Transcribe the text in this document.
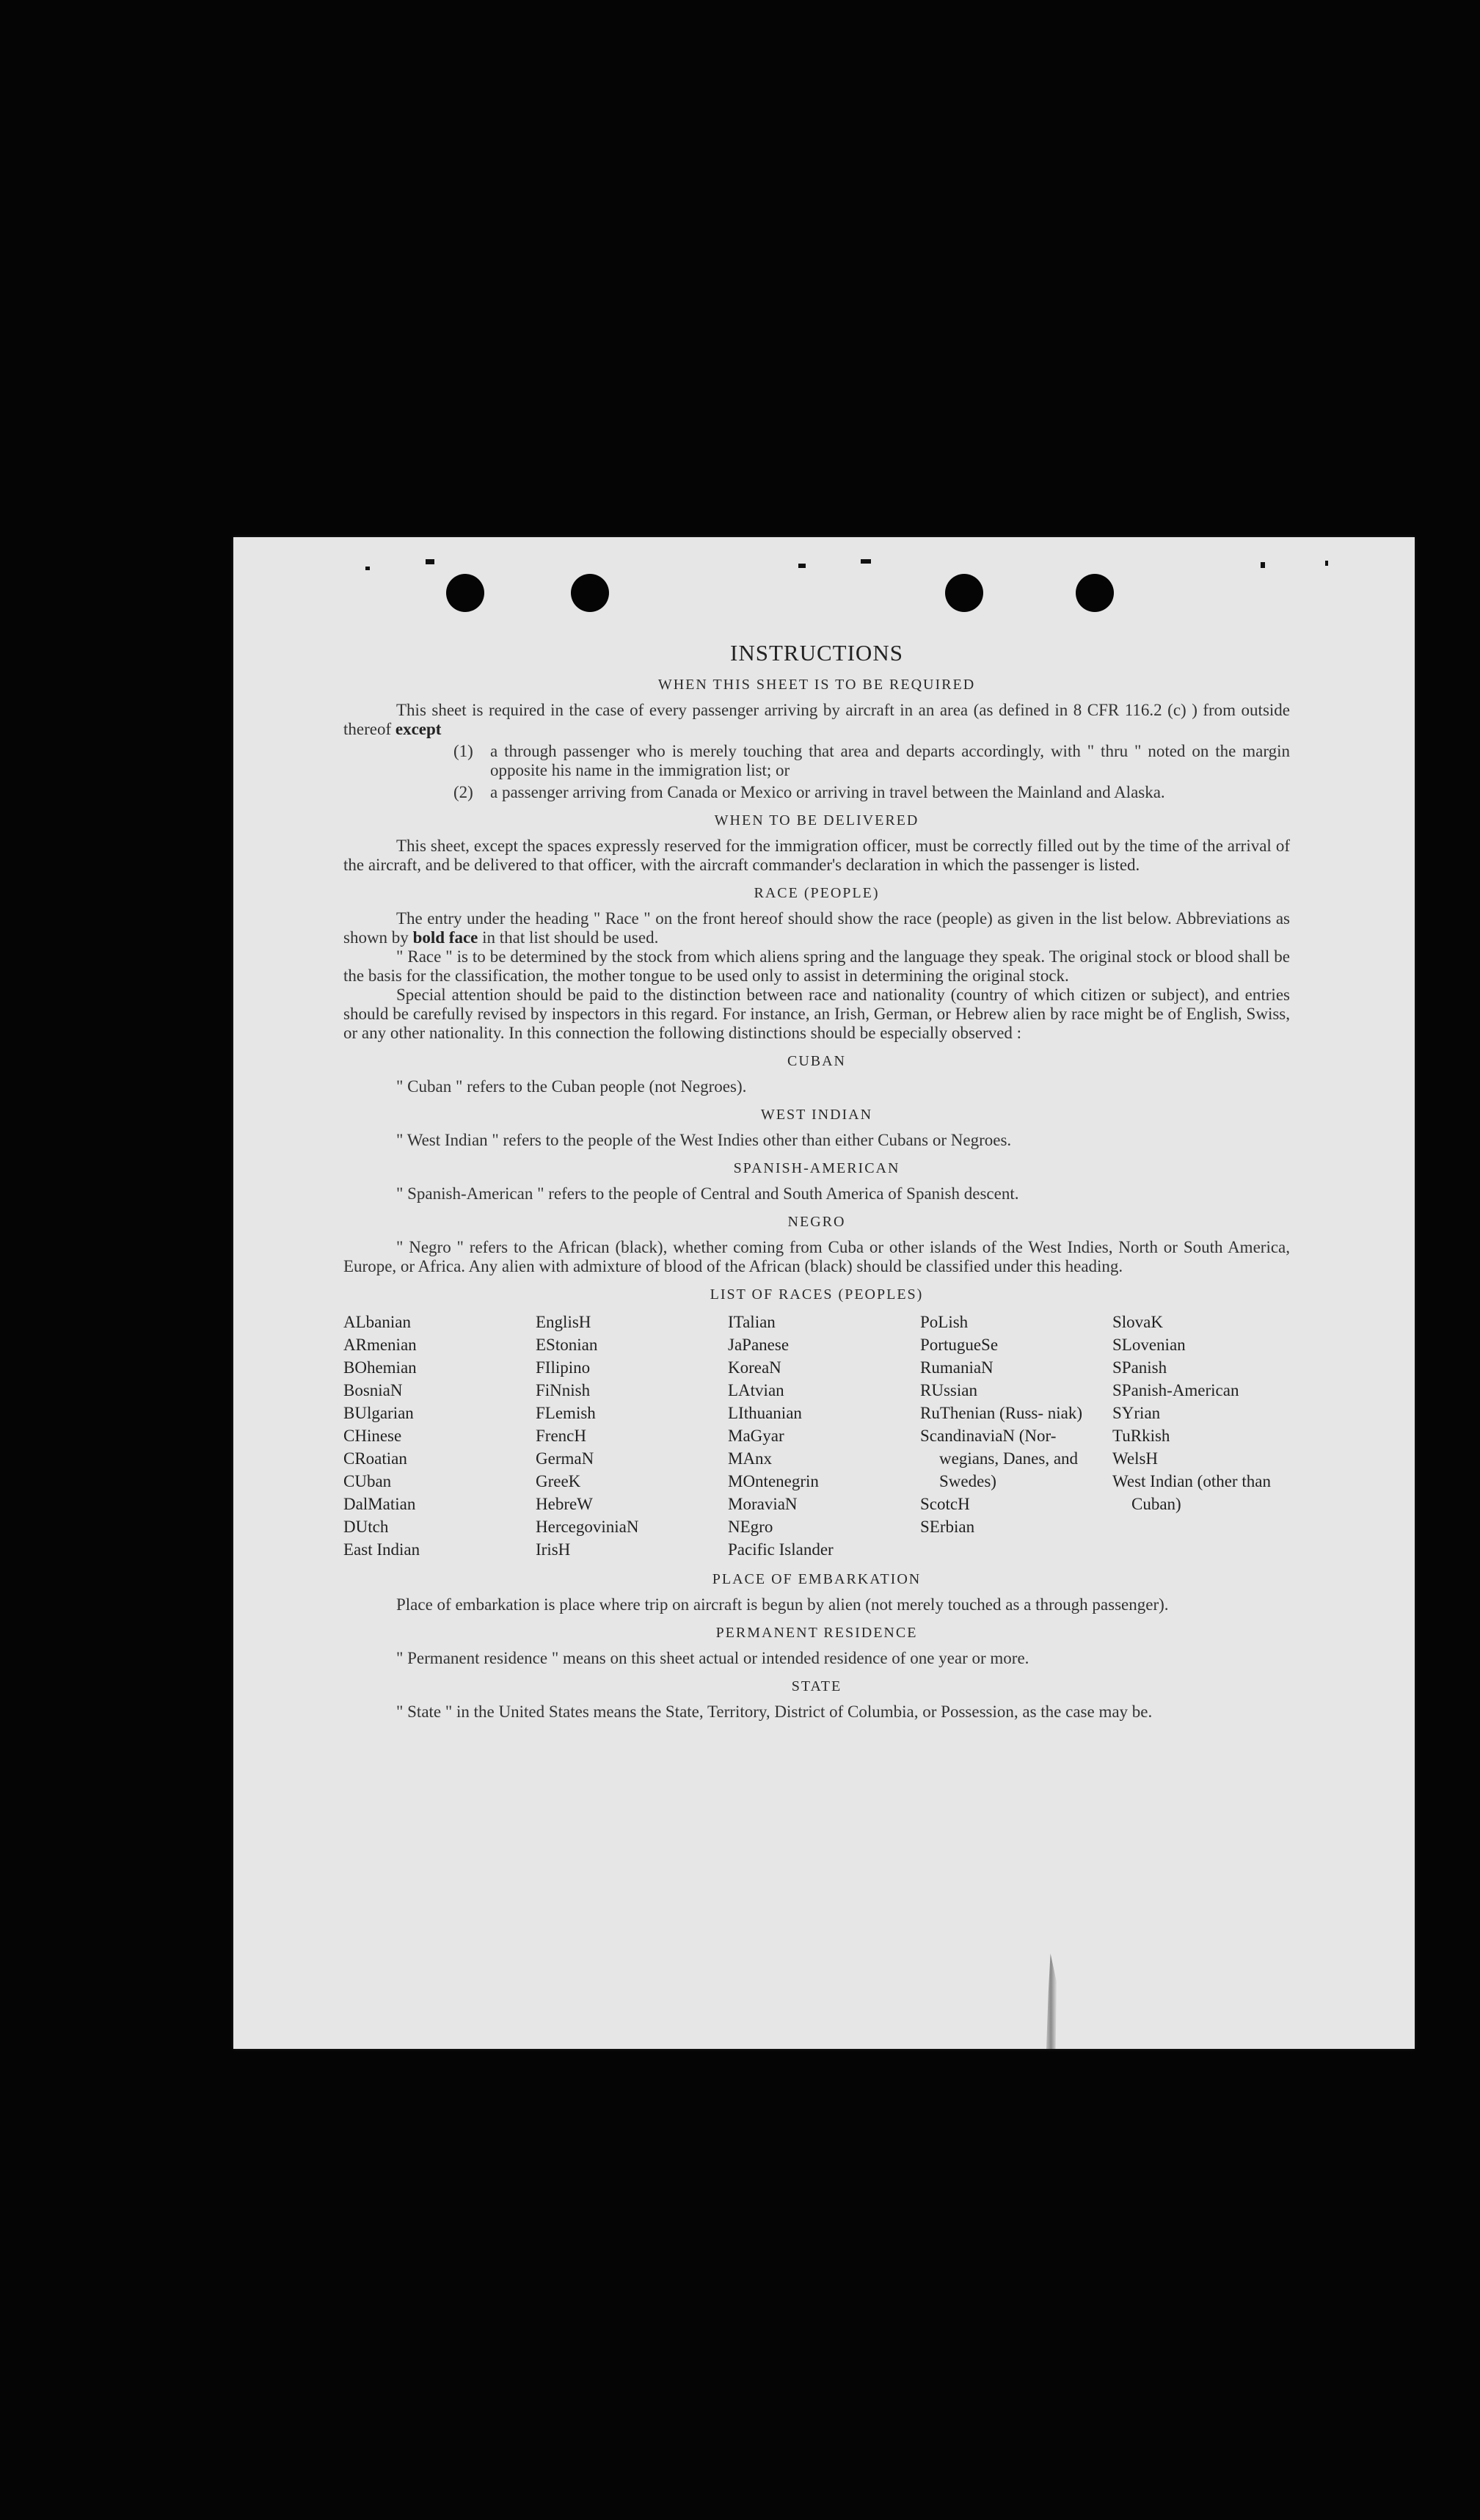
INSTRUCTIONS
WHEN THIS SHEET IS TO BE REQUIRED

This sheet is required in the case of every passenger arriving by aircraft in an area (as defined in 8 CFR 116.2 (c) ) from outside thereof except

(1)	a through passenger who is merely touching that area and departs accordingly, with " thru " noted on the margin opposite his name in the immigration list; or
(2)	a passenger arriving from Canada or Mexico or arriving in travel between the Mainland and Alaska.
WHEN TO BE DELIVERED

This sheet, except the spaces expressly reserved for the immigration officer, must be correctly filled out by the time of the arrival of the aircraft, and be delivered to that officer, with the aircraft commander's declaration in which the passenger is listed.

RACE (PEOPLE)

The entry under the heading " Race " on the front hereof should show the race (people) as given in the list below. Abbreviations as shown by bold face in that list should be used.

" Race " is to be determined by the stock from which aliens spring and the language they speak. The original stock or blood shall be the basis for the classification, the mother tongue to be used only to assist in determining the original stock.

Special attention should be paid to the distinction between race and nationality (country of which citizen or subject), and entries should be carefully revised by inspectors in this regard. For instance, an Irish, German, or Hebrew alien by race might be of English, Swiss, or any other nationality. In this connection the following distinctions should be especially observed :

CUBAN

" Cuban " refers to the Cuban people (not Negroes).

WEST INDIAN

" West Indian " refers to the people of the West Indies other than either Cubans or Negroes.

SPANISH-AMERICAN

" Spanish-American " refers to the people of Central and South America of Spanish descent.

NEGRO

" Negro " refers to the African (black), whether coming from Cuba or other islands of the West Indies, North or South America, Europe, or Africa. Any alien with admixture of blood of the African (black) should be classified under this heading.

LIST OF RACES (PEOPLES)
ALbanian
ARmenian
BOhemian
BosniaN
BUlgarian
CHinese
CRoatian
CUban
DalMatian
DUtch
East Indian
EnglisH
EStonian
FIlipino
FiNnish
FLemish
FrencH
GermaN
GreeK
HebreW
HercegoviniaN
IrisH
ITalian
JaPanese
KoreaN
LAtvian
LIthuanian
MaGyar
MAnx
MOntenegrin
MoraviaN
NEgro
Pacific Islander
PoLish
PortugueSe
RumaniaN
RUssian
RuThenian (Russ- niak)
ScandinaviaN (Nor- wegians, Danes, and Swedes)
ScotcH
SErbian
SlovaK
SLovenian
SPanish
SPanish-American
SYrian
TuRkish
WelsH
West Indian (other than Cuban)
PLACE OF EMBARKATION

Place of embarkation is place where trip on aircraft is begun by alien (not merely touched as a through passenger).

PERMANENT RESIDENCE

" Permanent residence " means on this sheet actual or intended residence of one year or more.

STATE

" State " in the United States means the State, Territory, District of Columbia, or Possession, as the case may be.
